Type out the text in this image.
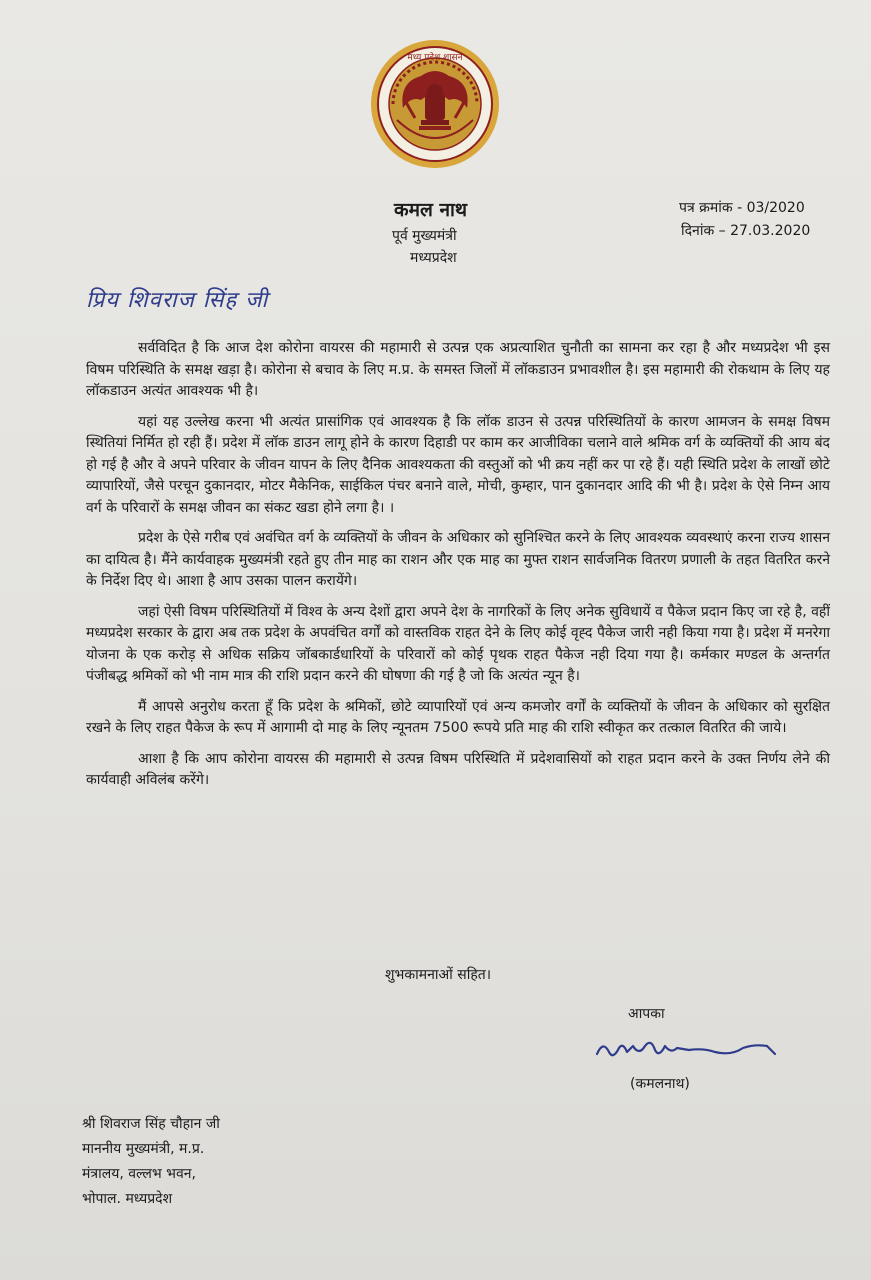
मध्य प्रदेश शासन
कमल नाथ
पूर्व मुख्यमंत्री
मध्यप्रदेश
पत्र क्रमांक - 03/2020
दिनांक – 27.03.2020
प्रिय शिवराज सिंह जी

सर्वविदित है कि आज देश कोरोना वायरस की महामारी से उत्पन्न एक अप्रत्याशित चुनौती का सामना कर रहा है और मध्यप्रदेश भी इस विषम परिस्थिति के समक्ष खड़ा है। कोरोना से बचाव के लिए म.प्र. के समस्त जिलों में लॉकडाउन प्रभावशील है। इस महामारी की रोकथाम के लिए यह लॉकडाउन अत्यंत आवश्यक भी है।

यहां यह उल्लेख करना भी अत्यंत प्रासांगिक एवं आवश्यक है कि लॉक डाउन से उत्पन्न परिस्थितियों के कारण आमजन के समक्ष विषम स्थितियां निर्मित हो रही हैं। प्रदेश में लॉक डाउन लागू होने के कारण दिहाडी पर काम कर आजीविका चलाने वाले श्रमिक वर्ग के व्यक्तियों की आय बंद हो गई है और वे अपने परिवार के जीवन यापन के लिए दैनिक आवश्यकता की वस्तुओं को भी क्रय नहीं कर पा रहे हैं। यही स्थिति प्रदेश के लाखों छोटे व्यापारियों, जैसे परचून दुकानदार, मोटर मैकेनिक, साईकिल पंचर बनाने वाले, मोची, कुम्हार, पान दुकानदार आदि की भी है। प्रदेश के ऐसे निम्न आय वर्ग के परिवारों के समक्ष जीवन का संकट खडा होने लगा है। ।

प्रदेश के ऐसे गरीब एवं अवंचित वर्ग के व्यक्तियों के जीवन के अधिकार को सुनिश्चित करने के लिए आवश्यक व्यवस्थाएं करना राज्य शासन का दायित्व है। मैंने कार्यवाहक मुख्यमंत्री रहते हुए तीन माह का राशन और एक माह का मुफ्त राशन सार्वजनिक वितरण प्रणाली के तहत वितरित करने के निर्देश दिए थे। आशा है आप उसका पालन करायेंगे।

जहां ऐसी विषम परिस्थितियों में विश्व के अन्य देशों द्वारा अपने देश के नागरिकों के लिए अनेक सुविधायें व पैकेज प्रदान किए जा रहे है, वहीं मध्यप्रदेश सरकार के द्वारा अब तक प्रदेश के अपवंचित वर्गों को वास्तविक राहत देने के लिए कोई वृह्द पैकेज जारी नही किया गया है। प्रदेश में मनरेगा योजना के एक करोड़ से अधिक सक्रिय जॉबकार्डधारियों के परिवारों को कोई पृथक राहत पैकेज नही दिया गया है। कर्मकार मण्डल के अन्तर्गत पंजीबद्ध श्रमिकों को भी नाम मात्र की राशि प्रदान करने की घोषणा की गई है जो कि अत्यंत न्यून है।

मैं आपसे अनुरोध करता हूँ कि प्रदेश के श्रमिकों, छोटे व्यापारियों एवं अन्य कमजोर वर्गों के व्यक्तियों के जीवन के अधिकार को सुरक्षित रखने के लिए राहत पैकेज के रूप में आगामी दो माह के लिए न्यूनतम 7500 रूपये प्रति माह की राशि स्वीकृत कर तत्काल वितरित की जाये।

आशा है कि आप कोरोना वायरस की महामारी से उत्पन्न विषम परिस्थिति में प्रदेशवासियों को राहत प्रदान करने के उक्त निर्णय लेने की कार्यवाही अविलंब करेंगे।

शुभकामनाओं सहित।
आपका
(कमलनाथ)
श्री शिवराज सिंह चौहान जी
माननीय मुख्यमंत्री, म.प्र.
मंत्रालय, वल्लभ भवन,
भोपाल. मध्यप्रदेश
